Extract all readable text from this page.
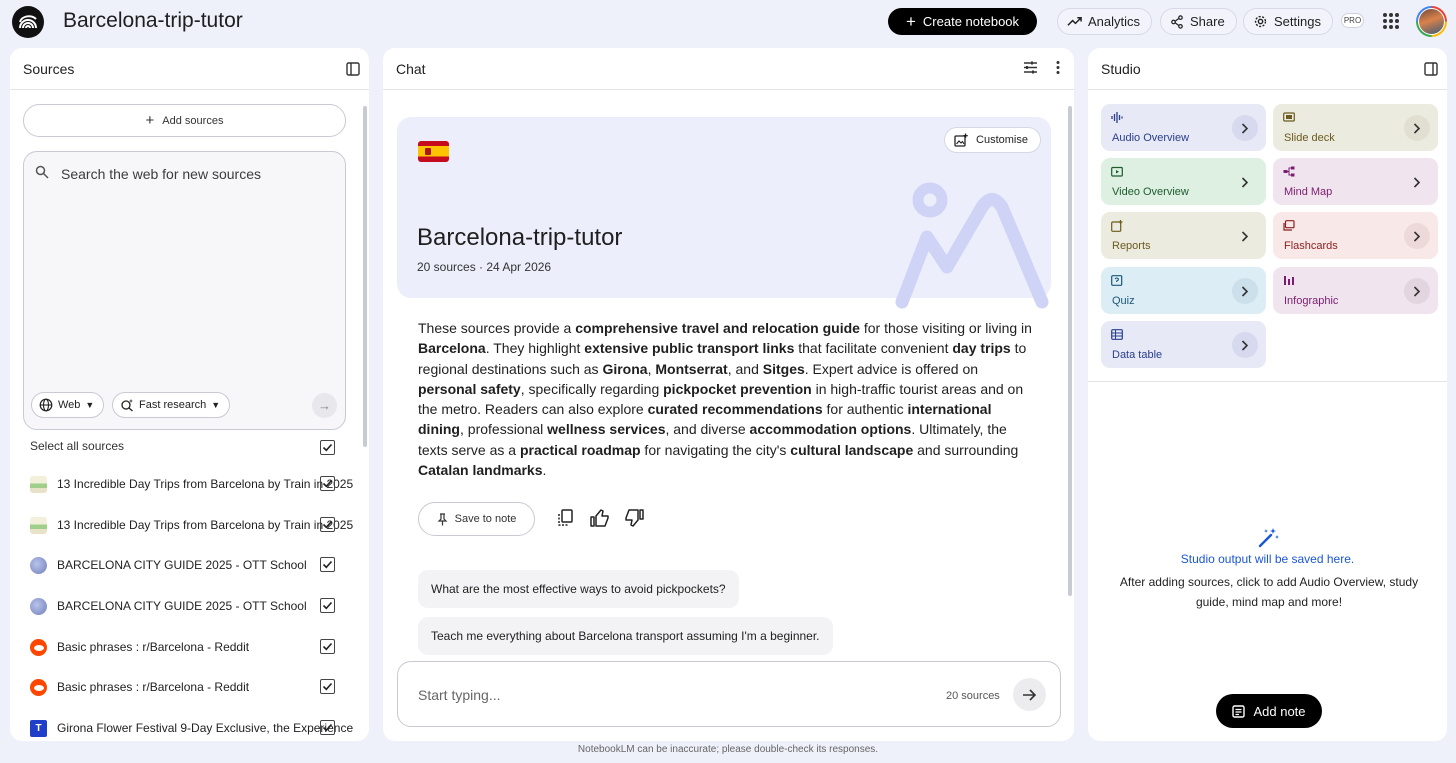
Barcelona-trip-tutor	+ Create notebook	Analytics	Share	Settings	PRO
Sources
+ Add sources
Search the web for new sources
Web ▼	Fast research ▼	→
Select all sources
13 Incredible Day Trips from Barcelona by Train in 2025
13 Incredible Day Trips from Barcelona by Train in 2025
BARCELONA CITY GUIDE 2025 - OTT School
BARCELONA CITY GUIDE 2025 - OTT School
Basic phrases : r/Barcelona - Reddit
Basic phrases : r/Barcelona - Reddit
T	Girona Flower Festival 9-Day Exclusive, the Experience
Chat
Customise
Barcelona-trip-tutor
20 sources · 24 Apr 2026
These sources provide a comprehensive travel and relocation guide for those visiting or living in Barcelona. They highlight extensive public transport links that facilitate convenient day trips to regional destinations such as Girona, Montserrat, and Sitges. Expert advice is offered on personal safety, specifically regarding pickpocket prevention in high-traffic tourist areas and on the metro. Readers can also explore curated recommendations for authentic international dining, professional wellness services, and diverse accommodation options. Ultimately, the texts serve as a practical roadmap for navigating the city's cultural landscape and surrounding Catalan landmarks.
Save to note
What are the most effective ways to avoid pickpockets?
Teach me everything about Barcelona transport assuming I'm a beginner.
Start typing...	20 sources
Studio
Audio Overview	Slide deck
Video Overview	Mind Map
Reports	Flashcards
Quiz	Infographic
Data table
Studio output will be saved here.
After adding sources, click to add Audio Overview, study guide, mind map and more!
Add note
NotebookLM can be inaccurate; please double-check its responses.
